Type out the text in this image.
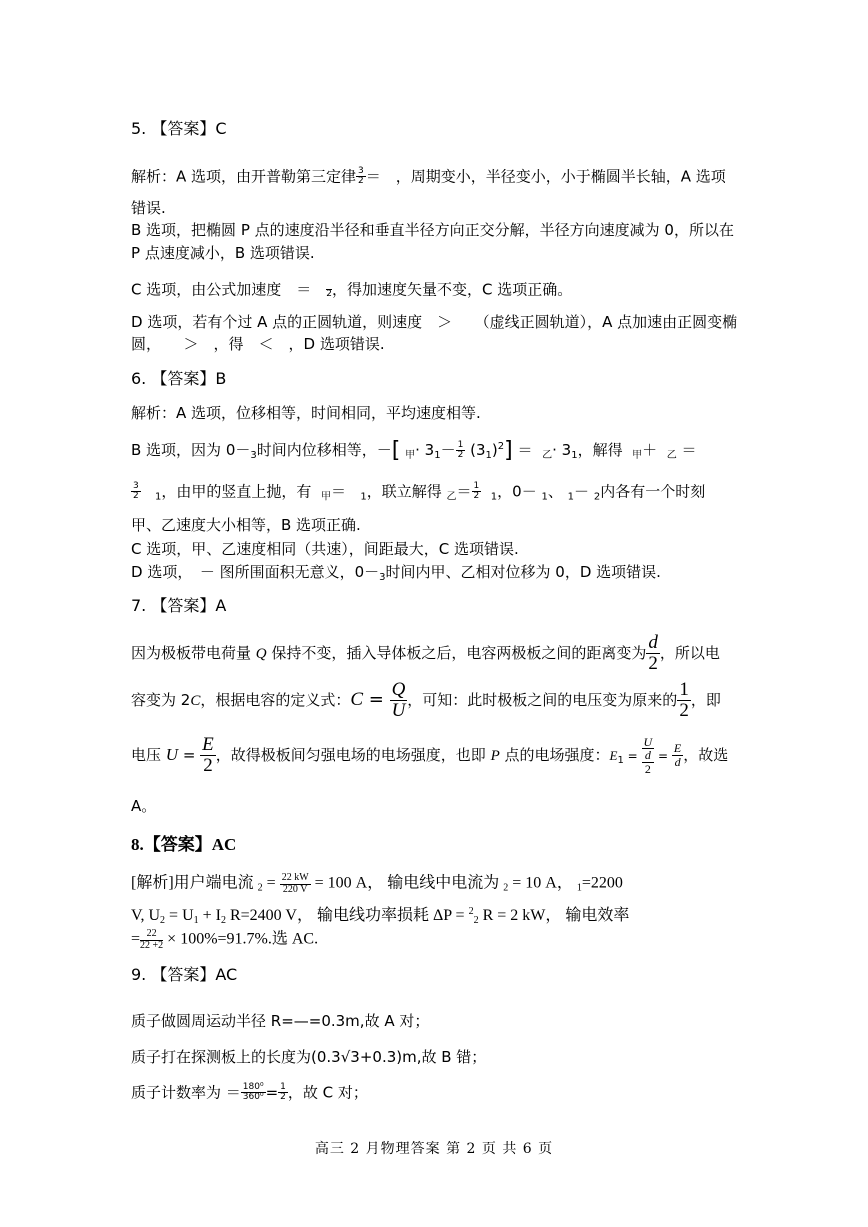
5. 【答案】C
解析：A 选项，由开普勒第三定律 $\frac{3}{2}$ ＝　，周期变小，半径变小，小于椭圆半长轴，A 选项
错误.
B 选项，把椭圆 P 点的速度沿半径和垂直半径方向正交分解，半径方向速度减为 0，所以在
P 点速度减小，B 选项错误.
C 选项，由公式加速度　＝　 2 ，得加速度矢量不变，C 选项正确。
D 选项，若有个过 A 点的正圆轨道，则速度　＞　　（虚线正圆轨道），A 点加速由正圆变椭
圆，　　＞　，得　＜　，D 选项错误.
6. 【答案】B
解析：A 选项，位移相等，时间相同，平均速度相等.
B 选项，因为 $0-_3$时间内位移相等，－[ $_甲\cdot 3_1- \frac{1}{2} (3_1)^2] = _乙\cdot 3_1$，解得 $_甲$＋ $_乙$ ＝
$\frac{3}{2} _1$，由甲的竖直上抛，有 $_甲$＝ $_1$，联立解得 $_乙= \frac{1}{2} _1$，0－ $_1$、 $_1$－ $_2$内各有一个时刻
甲、乙速度大小相等，B 选项正确.
C 选项，甲、乙速度相同（共速），间距最大，C 选项错误.
D 选项，　－ 图所围面积无意义，$0-_3$时间内甲、乙相对位移为 0，D 选项错误.
7. 【答案】A
因为极板带电荷量 Q 保持不变，插入导体板之后，电容两极板之间的距离变为 $\frac{d}{2}$ ，所以电
容变为 2C，根据电容的定义式：$C = \frac{Q}{U}$ ，可知：此时极板之间的电压变为原来的 $\frac{1}{2}$ ，即
电压 $U = \frac{E}{2}$ ，故得极板间匀强电场的电场强度，也即 P 点的电场强度：$E_1$ =
U
d
2
= $\frac{E}{d}$ ，故选
A。
8.【答案】AC
[解析]用户端电流 $_2 = \frac{22 kW}{220 V} = 100$ A， 输电线中电流为 $_2$ = 10 A， $_1$=2200
V, $U_2 = U_1 + I_2$ R=2400 V， 输电线功率损耗 ΔP = $^2_2$ R = 2 kW， 输电效率
= $\frac{22}{22 +2} \times 100\%=91.7\%$.选 AC.
9. 【答案】AC
质子做圆周运动半径 R=—=0.3m,故 A 对；
质子打在探测板上的长度为(0.3√3+0.3)m,故 B 错；
质子计数率为 ＝ $\frac{\text{180⁰}}{\text{360⁰}} = \frac{1}{2}$ ，故 C 对；
高三 2 月物理答案 第 2 页 共 6 页
